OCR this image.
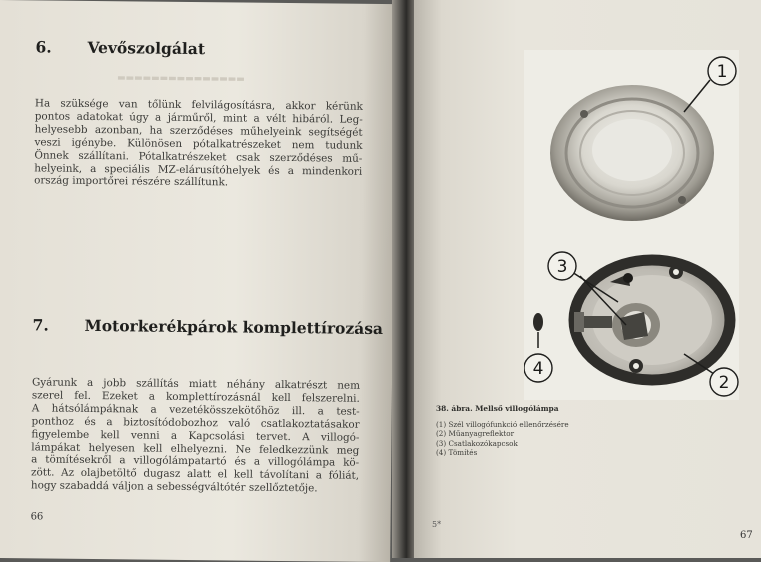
▬▬▬▬▬▬▬▬▬▬▬▬▬▬▬
6. Vevőszolgálat
Ha szüksége van tőlünk felvilágosításra, akkor kérünk
pontos adatokat úgy a járműről, mint a vélt hibáról. Leg-
helyesebb azonban, ha szerződéses műhelyeink segítségét
veszi igénybe. Különösen pótalkatrészeket nem tudunk
Önnek szállítani. Pótalkatrészeket csak szerződéses mű-
helyeink, a speciális MZ-elárusítóhelyek és a mindenkori
ország importőrei részére szállítunk.
7. Motorkerékpárok komplettírozása
Gyárunk a jobb szállítás miatt néhány alkatrészt nem
szerel fel. Ezeket a komplettírozásnál kell felszerelni.
A hátsólámpáknak a vezetékösszekötőhöz ill. a test-
ponthoz és a biztosítódobozhoz való csatlakoztatásakor
figyelembe kell venni a Kapcsolási tervet. A villogó-
lámpákat helyesen kell elhelyezni. Ne feledkezzünk meg
a tömítésekről a villogólámpatartó és a villogólámpa kö-
zött. Az olajbetöltő dugasz alatt el kell távolítani a fóliát,
hogy szabaddá váljon a sebességváltótér szellőztetője.
66
1
2
3
4
38. ábra. Mellső villogólámpa
(1) Szél villogófunkció ellenőrzésére
(2) Műanyagreflektor
(3) Csatlakozókapcsok
(4) Tömítés
5*
67
